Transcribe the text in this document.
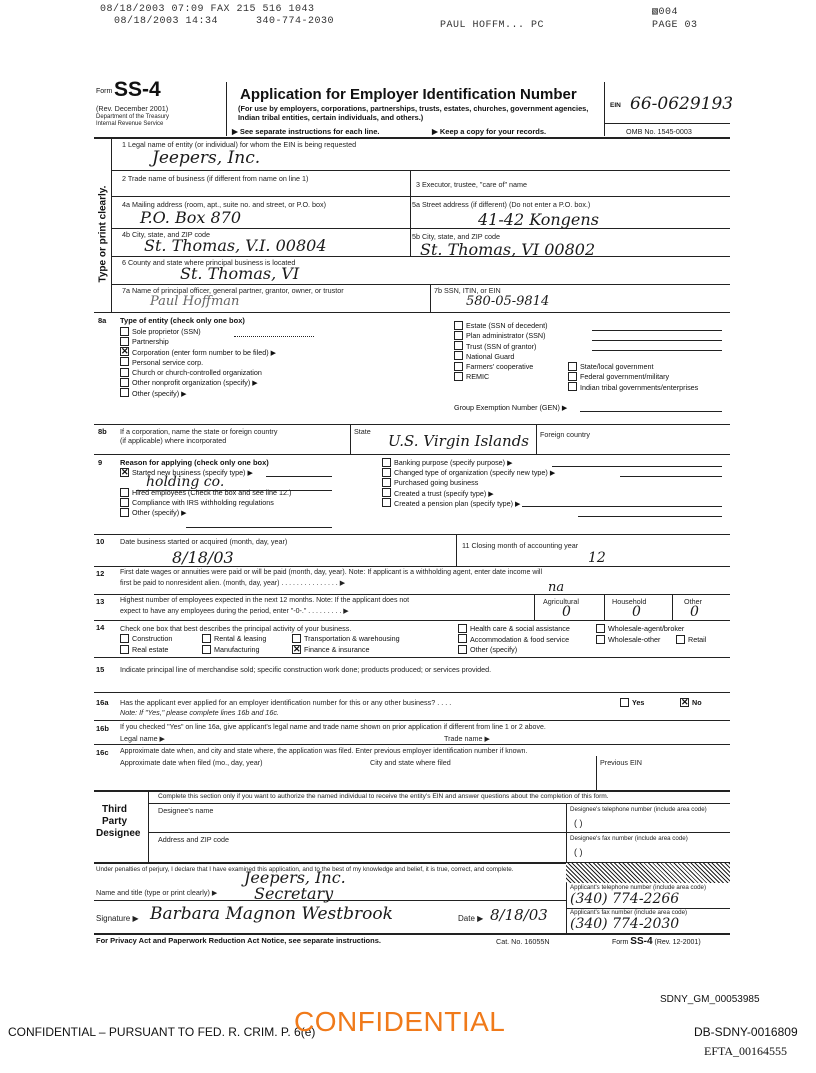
08/18/2003 07:09 FAX 215 516 1043
08/18/2003 14:34	340-774-2030	PAUL HOFFM... PC
▧004
PAGE 03
Form SS-4
(Rev. December 2001)
Department of the Treasury
Internal Revenue Service
Application for Employer Identification Number
(For use by employers, corporations, partnerships, trusts, estates, churches, government agencies, Indian tribal entities, certain individuals, and others.)
▶ See separate instructions for each line.	▶ Keep a copy for your records.
EIN 66-0629193
OMB No. 1545-0003
Type or print clearly.
1 Legal name of entity (or individual) for whom the EIN is being requested
Jeepers, Inc.
2 Trade name of business (if different from name on line 1)
3 Executor, trustee, "care of" name
4a Mailing address (room, apt., suite no. and street, or P.O. box)
P.O. Box 870
5a Street address (if different) (Do not enter a P.O. box.)
41-42 Kongens
4b City, state, and ZIP code
St. Thomas, V.I. 00804	5b City, state, and ZIP code
St. Thomas, VI 00802
6 County and state where principal business is located
St. Thomas, VI
7a Name of principal officer, general partner, grantor, owner, or trustor
Paul Hoffman
7b SSN, ITIN, or EIN
580-05-9814
8a Type of entity (check only one box)
Sole proprietor (SSN)
Partnership
✕ Corporation (enter form number to be filed) ▶
Personal service corp.
Church or church-controlled organization
Other nonprofit organization (specify) ▶
Other (specify) ▶
Estate (SSN of decedent)
Plan administrator (SSN)
Trust (SSN of grantor)
National Guard
Farmers' cooperative
REMIC
State/local government
Federal government/military
Indian tribal governments/enterprises
Group Exemption Number (GEN) ▶
8b If a corporation, name the state or foreign country
(if applicable) where incorporated
State
U.S. Virgin Islands Foreign country
9 Reason for applying (check only one box)
✕ Started new business (specify type) ▶
Hired employees (Check the box and see line 12.)
Compliance with IRS withholding regulations
Other (specify) ▶
holding co.
Banking purpose (specify purpose) ▶
Changed type of organization (specify new type) ▶
Purchased going business
Created a trust (specify type) ▶
Created a pension plan (specify type) ▶
10 Date business started or acquired (month, day, year)
8/18/03
11 Closing month of accounting year
12
12 First date wages or annuities were paid or will be paid (month, day, year). Note: If applicant is a withholding agent, enter date income will
first be paid to nonresident alien. (month, day, year) . . . . . . . . . . . . . . . ▶	na
13 Highest number of employees expected in the next 12 months. Note: If the applicant does not
expect to have any employees during the period, enter "-0-." . . . . . . . . . ▶
Agricultural	Household	Other
0	0	0
14 Check one box that best describes the principal activity of your business.
Construction	Rental & leasing	Transportation & warehousing
Real estate	Manufacturing	✕ Finance & insurance
Health care & social assistance
Accommodation & food service
Other (specify)
Wholesale-agent/broker
Wholesale-other	Retail
15 Indicate principal line of merchandise sold; specific construction work done; products produced; or services provided.
16a Has the applicant ever applied for an employer identification number for this or any other business? . . . .
Note: If "Yes," please complete lines 16b and 16c.
Yes	✕ No
16b If you checked "Yes" on line 16a, give applicant's legal name and trade name shown on prior application if different from line 1 or 2 above.
Legal name ▶	Trade name ▶
16c Approximate date when, and city and state where, the application was filed. Enter previous employer identification number if known.
Approximate date when filed (mo., day, year)	City and state where filed	Previous EIN
Third
Party
Designee
Complete this section only if you want to authorize the named individual to receive the entity's EIN and answer questions about the completion of this form.
Designee's name	Designee's telephone number (include area code)
( )
Address and ZIP code	Designee's fax number (include area code)
( )
Under penalties of perjury, I declare that I have examined this application, and to the best of my knowledge and belief, it is true, correct, and complete.
Jeepers, Inc.
Name and title (type or print clearly) ▶ Secretary	Applicant's telephone number (include area code)
(340) 774-2266
Applicant's fax number (include area code)
(340) 774-2030
Signature ▶ Barbara Magnon Westbrook	Date ▶ 8/18/03
For Privacy Act and Paperwork Reduction Act Notice, see separate instructions.	Cat. No. 16055N	Form SS-4 (Rev. 12-2001)
SDNY_GM_00053985
CONFIDENTIAL – PURSUANT TO FED. R. CRIM. P. 6(e)
CONFIDENTIAL	DB-SDNY-0016809
EFTA_00164555
